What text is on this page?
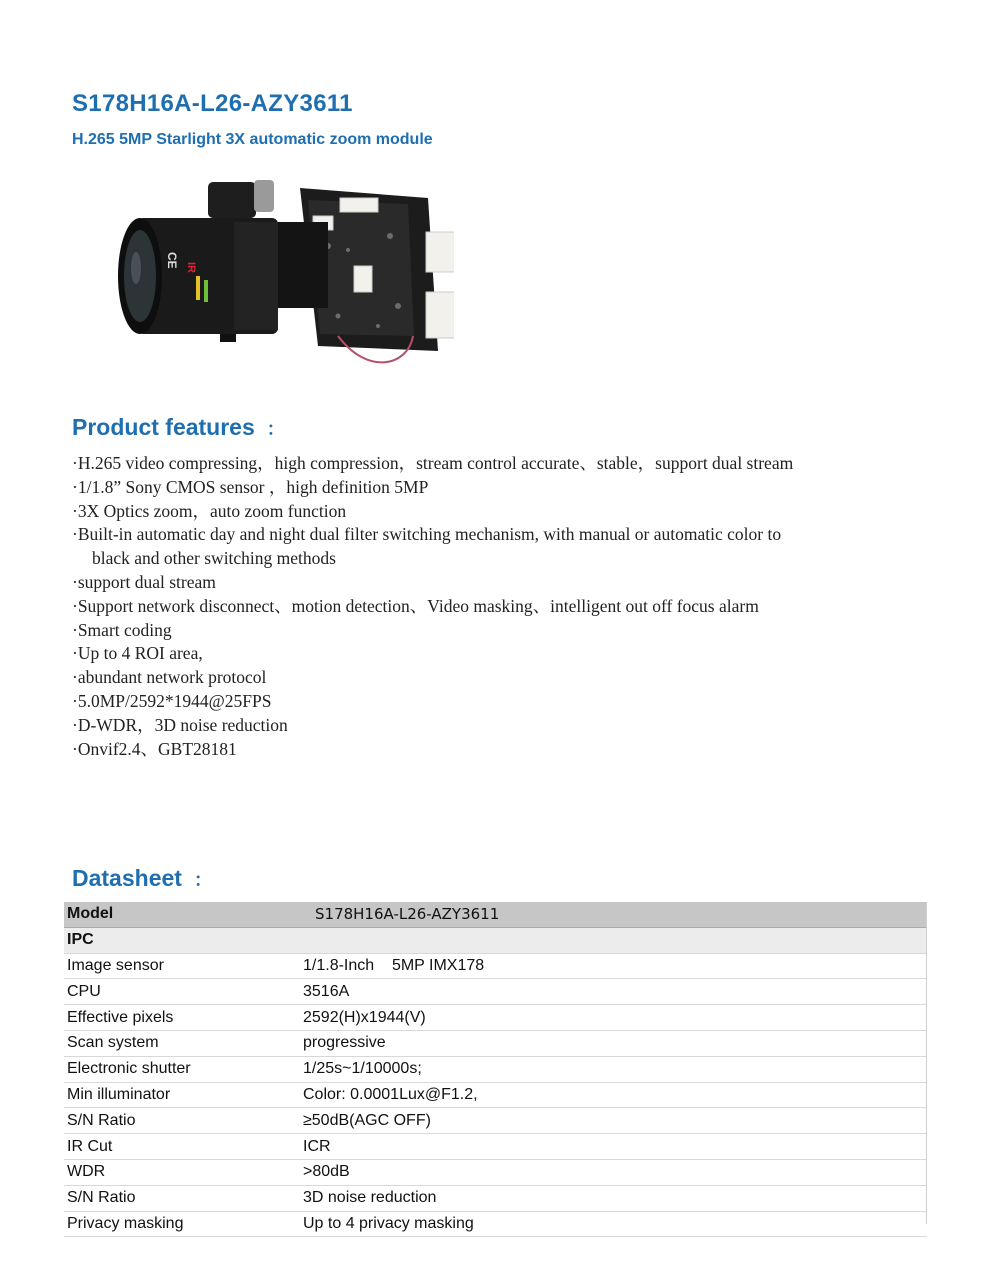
S178H16A-L26-AZY3611
H.265 5MP Starlight 3X automatic zoom module
CE IR
Product features ：
·H.265 video compressing，high compression，stream control accurate、stable，support dual stream
·1/1.8” Sony CMOS sensor ，high definition 5MP
·3X Optics zoom，auto zoom function
·Built-in automatic day and night dual filter switching mechanism, with manual or automatic color to
black and other switching methods
·support dual stream
·Support network disconnect、motion detection、Video masking、intelligent out off focus alarm
·Smart coding
·Up to 4 ROI area,
·abundant network protocol
·5.0MP/2592*1944@25FPS
·D-WDR，3D noise reduction
·Onvif2.4、GBT28181
Datasheet ：
Model	S178H16A-L26-AZY3611
IPC	
Image sensor	1/1.8-Inch    5MP IMX178
CPU	3516A
Effective pixels	2592(H)x1944(V)
Scan system	progressive
Electronic shutter	1/25s~1/10000s;
Min illuminator	Color: 0.0001Lux@F1.2,
S/N Ratio	≥50dB(AGC OFF)
IR Cut	ICR
WDR	>80dB
S/N Ratio	3D noise reduction
Privacy masking	Up to 4 privacy masking
